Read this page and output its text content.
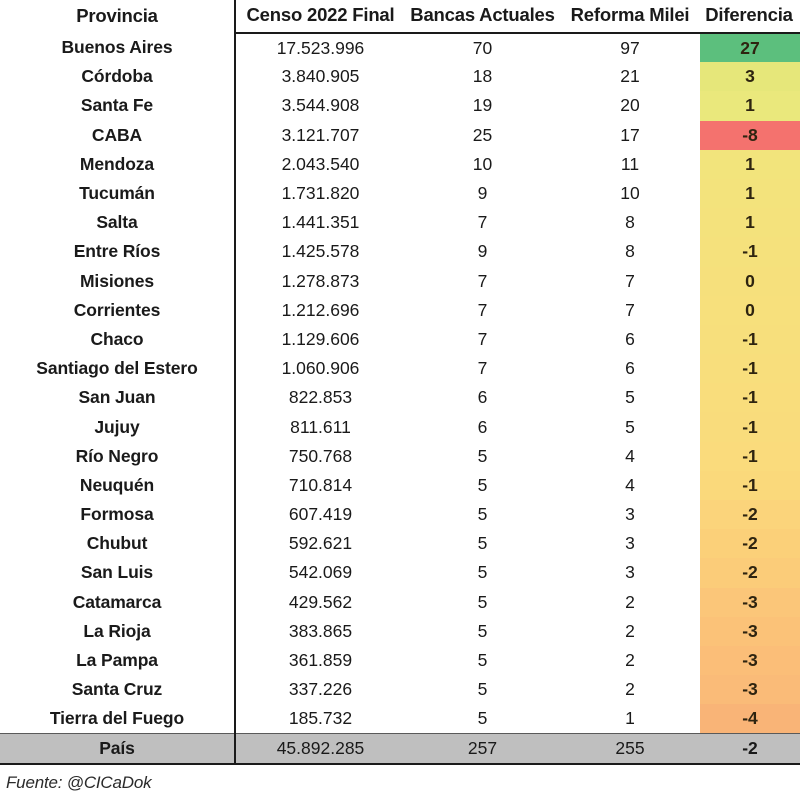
Provincia	Censo 2022 Final	Bancas Actuales	Reforma Milei	Diferencia
Buenos Aires	17.523.996	70	97	27
Córdoba	3.840.905	18	21	3
Santa Fe	3.544.908	19	20	1
CABA	3.121.707	25	17	-8
Mendoza	2.043.540	10	11	1
Tucumán	1.731.820	9	10	1
Salta	1.441.351	7	8	1
Entre Ríos	1.425.578	9	8	-1
Misiones	1.278.873	7	7	0
Corrientes	1.212.696	7	7	0
Chaco	1.129.606	7	6	-1
Santiago del Estero	1.060.906	7	6	-1
San Juan	822.853	6	5	-1
Jujuy	811.611	6	5	-1
Río Negro	750.768	5	4	-1
Neuquén	710.814	5	4	-1
Formosa	607.419	5	3	-2
Chubut	592.621	5	3	-2
San Luis	542.069	5	3	-2
Catamarca	429.562	5	2	-3
La Rioja	383.865	5	2	-3
La Pampa	361.859	5	2	-3
Santa Cruz	337.226	5	2	-3
Tierra del Fuego	185.732	5	1	-4
País	45.892.285	257	255	-2
Fuente: @CICaDok
